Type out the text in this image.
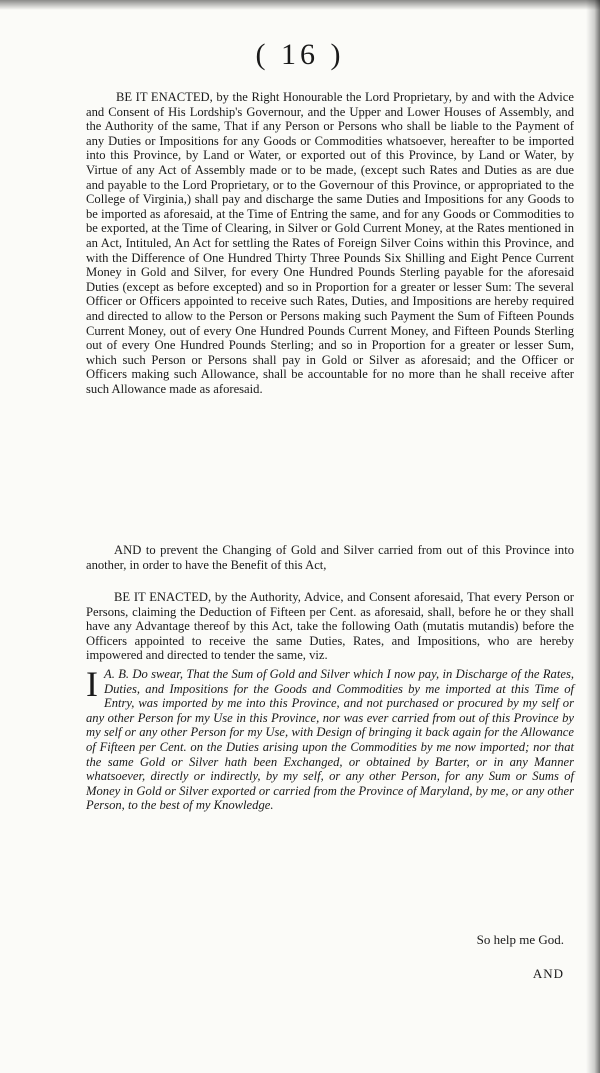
( 16 )

BE IT ENACTED, by the Right Honourable the Lord Proprietary, by and with the Advice and Consent of His Lordship's Governour, and the Upper and Lower Houses of Assembly, and the Authority of the same, That if any Person or Persons who shall be liable to the Payment of any Duties or Impositions for any Goods or Commodities whatsoever, hereafter to be imported into this Province, by Land or Water, or exported out of this Province, by Land or Water, by Virtue of any Act of Assembly made or to be made, (except such Rates and Duties as are due and payable to the Lord Proprietary, or to the Governour of this Province, or appropriated to the College of Virginia,) shall pay and discharge the same Duties and Impositions for any Goods to be imported as aforesaid, at the Time of Entring the same, and for any Goods or Commodities to be exported, at the Time of Clearing, in Silver or Gold Current Money, at the Rates mentioned in an Act, Intituled, An Act for settling the Rates of Foreign Silver Coins within this Province, and with the Difference of One Hundred Thirty Three Pounds Six Shilling and Eight Pence Current Money in Gold and Silver, for every One Hundred Pounds Sterling payable for the aforesaid Duties (except as before excepted) and so in Proportion for a greater or lesser Sum: The several Officer or Officers appointed to receive such Rates, Duties, and Impositions are hereby required and directed to allow to the Person or Persons making such Payment the Sum of Fifteen Pounds Current Money, out of every One Hundred Pounds Current Money, and Fifteen Pounds Sterling out of every One Hundred Pounds Sterling; and so in Proportion for a greater or lesser Sum, which such Person or Persons shall pay in Gold or Silver as aforesaid; and the Officer or Officers making such Allowance, shall be accountable for no more than he shall receive after such Allowance made as aforesaid.

AND to prevent the Changing of Gold and Silver carried from out of this Province into another, in order to have the Benefit of this Act,

BE IT ENACTED, by the Authority, Advice, and Consent aforesaid, That every Person or Persons, claiming the Deduction of Fifteen per Cent. as aforesaid, shall, before he or they shall have any Advantage thereof by this Act, take the following Oath (mutatis mutandis) before the Officers appointed to receive the same Duties, Rates, and Impositions, who are hereby impowered and directed to tender the same, viz.

I A. B. Do swear, That the Sum of Gold and Silver which I now pay, in Discharge of the Rates, Duties, and Impositions for the Goods and Commodities by me imported at this Time of Entry, was imported by me into this Province, and not purchased or procured by my self or any other Person for my Use in this Province, nor was ever carried from out of this Province by my self or any other Person for my Use, with Design of bringing it back again for the Allowance of Fifteen per Cent. on the Duties arising upon the Commodities by me now imported; nor that the same Gold or Silver hath been Exchanged, or obtained by Barter, or in any Manner whatsoever, directly or indirectly, by my self, or any other Person, for any Sum or Sums of Money in Gold or Silver exported or carried from the Province of Maryland, by me, or any other Person, to the best of my Knowledge.

So help me God.
AND
